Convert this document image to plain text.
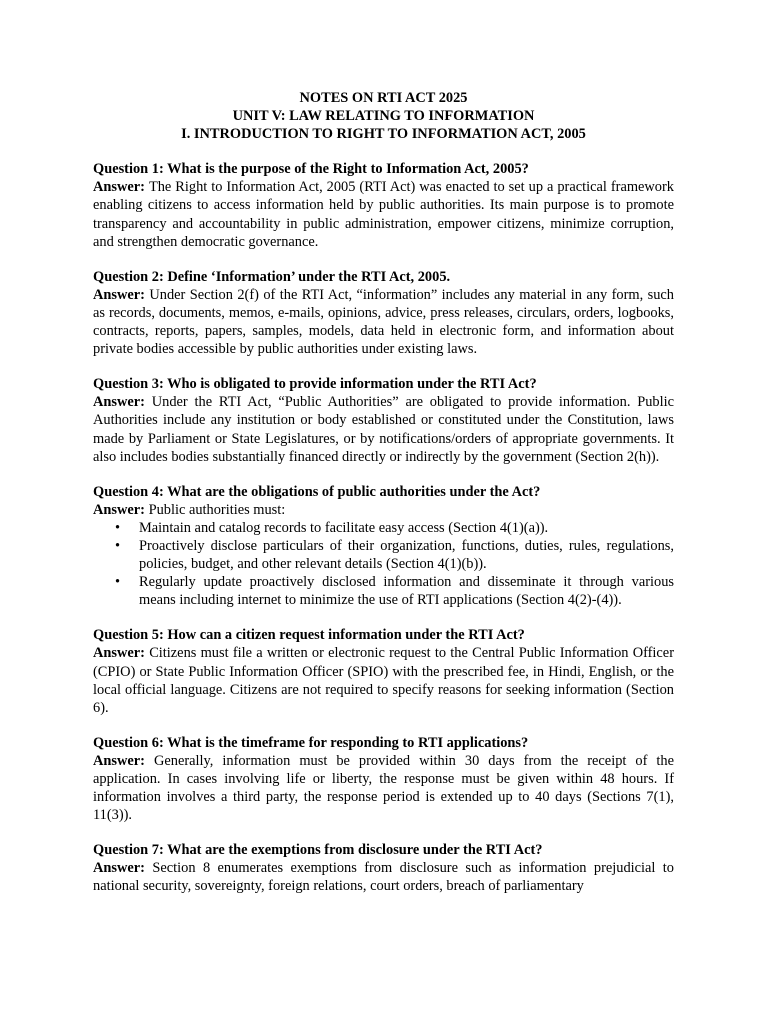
NOTES ON RTI ACT 2025
UNIT V: LAW RELATING TO INFORMATION
I. INTRODUCTION TO RIGHT TO INFORMATION ACT, 2005
Question 1: What is the purpose of the Right to Information Act, 2005?
Answer: The Right to Information Act, 2005 (RTI Act) was enacted to set up a practical framework enabling citizens to access information held by public authorities. Its main purpose is to promote transparency and accountability in public administration, empower citizens, minimize corruption, and strengthen democratic governance.
Question 2: Define ‘Information’ under the RTI Act, 2005.
Answer: Under Section 2(f) of the RTI Act, “information” includes any material in any form, such as records, documents, memos, e-mails, opinions, advice, press releases, circulars, orders, logbooks, contracts, reports, papers, samples, models, data held in electronic form, and information about private bodies accessible by public authorities under existing laws.
Question 3: Who is obligated to provide information under the RTI Act?
Answer: Under the RTI Act, “Public Authorities” are obligated to provide information. Public Authorities include any institution or body established or constituted under the Constitution, laws made by Parliament or State Legislatures, or by notifications/orders of appropriate governments. It also includes bodies substantially financed directly or indirectly by the government (Section 2(h)).
Question 4: What are the obligations of public authorities under the Act?
Answer: Public authorities must:
• Maintain and catalog records to facilitate easy access (Section 4(1)(a)).
• Proactively disclose particulars of their organization, functions, duties, rules, regulations, policies, budget, and other relevant details (Section 4(1)(b)).
• Regularly update proactively disclosed information and disseminate it through various means including internet to minimize the use of RTI applications (Section 4(2)-(4)).
Question 5: How can a citizen request information under the RTI Act?
Answer: Citizens must file a written or electronic request to the Central Public Information Officer (CPIO) or State Public Information Officer (SPIO) with the prescribed fee, in Hindi, English, or the local official language. Citizens are not required to specify reasons for seeking information (Section 6).
Question 6: What is the timeframe for responding to RTI applications?
Answer: Generally, information must be provided within 30 days from the receipt of the application. In cases involving life or liberty, the response must be given within 48 hours. If information involves a third party, the response period is extended up to 40 days (Sections 7(1), 11(3)).
Question 7: What are the exemptions from disclosure under the RTI Act?
Answer: Section 8 enumerates exemptions from disclosure such as information prejudicial to national security, sovereignty, foreign relations, court orders, breach of parliamentary
